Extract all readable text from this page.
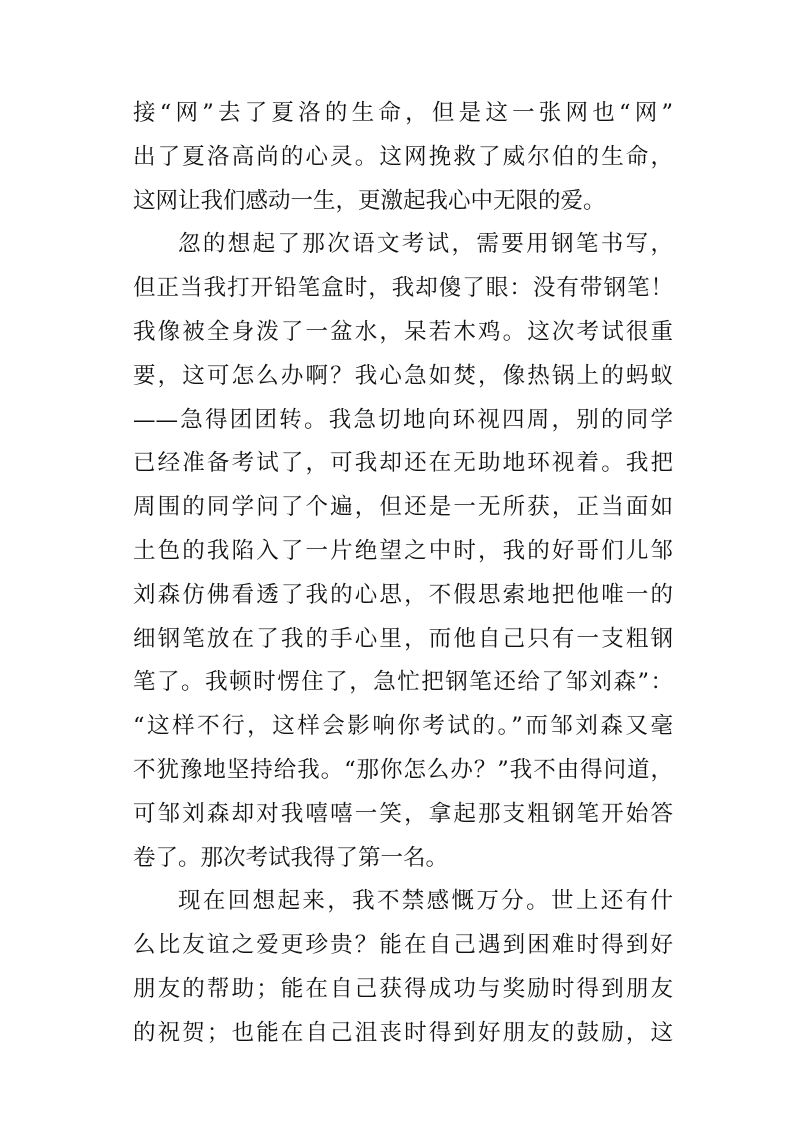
接“网”去了夏洛的生命，但是这一张网也“网”
出了夏洛高尚的心灵。这网挽救了威尔伯的生命，
这网让我们感动一生，更激起我心中无限的爱。
忽的想起了那次语文考试，需要用钢笔书写，
但正当我打开铅笔盒时，我却傻了眼：没有带钢笔！
我像被全身泼了一盆水，呆若木鸡。这次考试很重
要，这可怎么办啊？我心急如焚，像热锅上的蚂蚁
——急得团团转。我急切地向环视四周，别的同学
已经准备考试了，可我却还在无助地环视着。我把
周围的同学问了个遍，但还是一无所获，正当面如
土色的我陷入了一片绝望之中时，我的好哥们儿邹
刘森仿佛看透了我的心思，不假思索地把他唯一的
细钢笔放在了我的手心里，而他自己只有一支粗钢
笔了。我顿时愣住了，急忙把钢笔还给了邹刘森”：
“这样不行，这样会影响你考试的。”而邹刘森又毫
不犹豫地坚持给我。“那你怎么办？”我不由得问道，
可邹刘森却对我嘻嘻一笑，拿起那支粗钢笔开始答
卷了。那次考试我得了第一名。
现在回想起来，我不禁感慨万分。世上还有什
么比友谊之爱更珍贵？能在自己遇到困难时得到好
朋友的帮助；能在自己获得成功与奖励时得到朋友
的祝贺；也能在自己沮丧时得到好朋友的鼓励，这
